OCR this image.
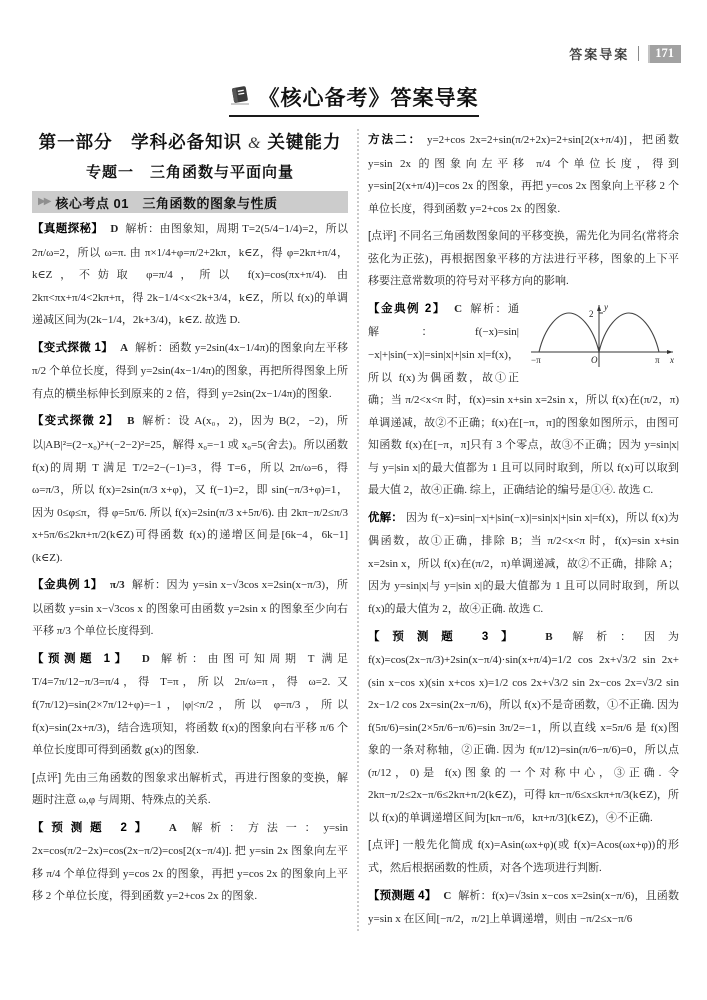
答案导案	171
《核心备考》答案导案
第一部分　学科必备知识 & 关键能力
专题一　三角函数与平面向量
▶▶ 核心考点 01　三角函数的图象与性质

【真题探秘】 D 解析：由图象知，周期 T=2(5/4−1/4)=2，所以 2π/ω=2，所以 ω=π. 由 π×1/4+φ=π/2+2kπ，k∈Z，得 φ=2kπ+π/4，k∈Z，不妨取 φ=π/4，所以 f(x)=cos(πx+π/4). 由 2kπ<πx+π/4<2kπ+π，得 2k−1/4<x<2k+3/4，k∈Z，所以 f(x)的单调递减区间为(2k−1/4，2k+3/4)，k∈Z. 故选 D.

【变式探微 1】 A 解析：函数 y=2sin(4x−1/4π)的图象向左平移 π/2 个单位长度，得到 y=2sin(4x−1/4π)的图象，再把所得图象上所有点的横坐标伸长到原来的 2 倍，得到 y=2sin(2x−1/4π)的图象.

【变式探微 2】 B 解析：设 A(x₀，2)，因为 B(2，−2)，所以|AB|²=(2−x₀)²+(−2−2)²=25，解得 x₀=−1 或 x₀=5(舍去)。所以函数 f(x)的周期 T 满足 T/2=2−(−1)=3，得 T=6，所以 2π/ω=6，得 ω=π/3，所以 f(x)=2sin(π/3 x+φ)，又 f(−1)=2，即 sin(−π/3+φ)=1，因为 0≤φ≤π，得 φ=5π/6. 所以 f(x)=2sin(π/3 x+5π/6). 由 2kπ−π/2≤π/3 x+5π/6≤2kπ+π/2(k∈Z)可得函数 f(x)的递增区间是[6k−4，6k−1](k∈Z).

【金典例 1】 π/3 解析：因为 y=sin x−√3cos x=2sin(x−π/3)，所以函数 y=sin x−√3cos x 的图象可由函数 y=2sin x 的图象至少向右平移 π/3 个单位长度得到.

【预测题 1】 D 解析：由图可知周期 T 满足 T/4=7π/12−π/3=π/4，得 T=π，所以 2π/ω=π，得 ω=2. 又 f(7π/12)=sin(2×7π/12+φ)=−1，|φ|<π/2，所以 φ=π/3，所以 f(x)=sin(2x+π/3)，结合选项知，将函数 f(x)的图象向右平移 π/6 个单位长度即可得到函数 g(x)的图象.

[点评] 先由三角函数的图象求出解析式，再进行图象的变换，解题时注意 ω,φ 与周期、特殊点的关系.

【预测题 2】 A 解析：方法一：y=sin 2x=cos(π/2−2x)=cos(2x−π/2)=cos[2(x−π/4)]. 把 y=sin 2x 图象向左平移 π/4 个单位得到 y=cos 2x 的图象，再把 y=cos 2x 的图象向上平移 2 个单位长度，得到函数 y=2+cos 2x 的图象.

方法二： y=2+cos 2x=2+sin(π/2+2x)=2+sin[2(x+π/4)]，把函数 y=sin 2x 的图象向左平移 π/4 个单位长度，得到 y=sin[2(x+π/4)]=cos 2x 的图象，再把 y=cos 2x 图象向上平移 2 个单位长度，得到函数 y=2+cos 2x 的图象.

[点评] 不同名三角函数图象间的平移变换，需先化为同名(常将余弦化为正弦)，再根据图象平移的方法进行平移，图象的上下平移要注意常数项的符号对平移方向的影响.

y
2
−π	O	π x
【金典例 2】 C 解析：通解：f(−x)=sin|−x|+|sin(−x)|=sin|x|+|sin x|=f(x)，所以 f(x)为偶函数，故①正确；当 π/2<x<π 时，f(x)=sin x+sin x=2sin x，所以 f(x)在(π/2，π)单调递减，故②不正确；f(x)在[−π，π]的图象如图所示，由图可知函数 f(x)在[−π，π]只有 3 个零点，故③不正确；因为 y=sin|x|与 y=|sin x|的最大值都为 1 且可以同时取到，所以 f(x)可以取到最大值 2，故④正确. 综上，正确结论的编号是①④. 故选 C.

优解： 因为 f(−x)=sin|−x|+|sin(−x)|=sin|x|+|sin x|=f(x)，所以 f(x)为偶函数，故①正确，排除 B；当 π/2<x<π 时，f(x)=sin x+sin x=2sin x，所以 f(x)在(π/2，π)单调递减，故②不正确，排除 A；因为 y=sin|x|与 y=|sin x|的最大值都为 1 且可以同时取到，所以 f(x)的最大值为 2，故④正确. 故选 C.

【预测题 3】 B 解析：因为 f(x)=cos(2x−π/3)+2sin(x−π/4)·sin(x+π/4)=1/2 cos 2x+√3/2 sin 2x+(sin x−cos x)(sin x+cos x)=1/2 cos 2x+√3/2 sin 2x−cos 2x=√3/2 sin 2x−1/2 cos 2x=sin(2x−π/6)，所以 f(x)不是奇函数，①不正确. 因为 f(5π/6)=sin(2×5π/6−π/6)=sin 3π/2=−1，所以直线 x=5π/6 是 f(x)图象的一条对称轴，②正确. 因为 f(π/12)=sin(π/6−π/6)=0，所以点(π/12，0)是 f(x)图象的一个对称中心，③正确. 令 2kπ−π/2≤2x−π/6≤2kπ+π/2(k∈Z)，可得 kπ−π/6≤x≤kπ+π/3(k∈Z)，所以 f(x)的单调递增区间为[kπ−π/6，kπ+π/3](k∈Z)，④不正确.

[点评] 一般先化简成 f(x)=Asin(ωx+φ)(或 f(x)=Acos(ωx+φ))的形式，然后根据函数的性质，对各个选项进行判断.

【预测题 4】 C 解析：f(x)=√3sin x−cos x=2sin(x−π/6)，且函数 y=sin x 在区间[−π/2，π/2]上单调递增，则由 −π/2≤x−π/6
